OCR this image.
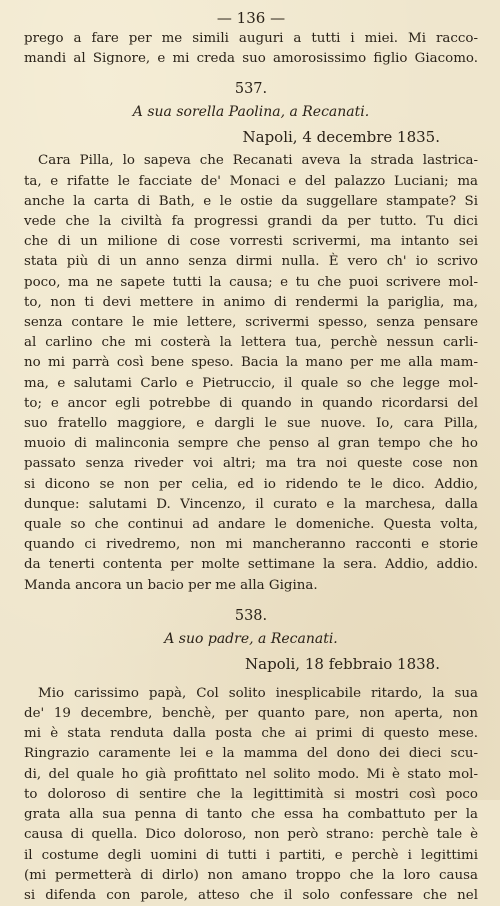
— 136 —
prego a fare per me simili auguri a tutti i miei. Mi racco-
mandi al Signore, e mi creda suo amorosissimo figlio Giacomo.
537.
A sua sorella Paolina, a Recanati.
Napoli, 4 decembre 1835.
Cara Pilla, lo sapeva che Recanati aveva la strada lastrica-
ta, e rifatte le facciate de' Monaci e del palazzo Luciani; ma
anche la carta di Bath, e le ostie da suggellare stampate? Si
vede che la civiltà fa progressi grandi da per tutto. Tu dici
che di un milione di cose vorresti scrivermi, ma intanto sei
stata più di un anno senza dirmi nulla. È vero ch' io scrivo
poco, ma ne sapete tutti la causa; e tu che puoi scrivere mol-
to, non ti devi mettere in animo di rendermi la pariglia, ma,
senza contare le mie lettere, scrivermi spesso, senza pensare
al carlino che mi costerà la lettera tua, perchè nessun carli-
no mi parrà così bene speso. Bacia la mano per me alla mam-
ma, e salutami Carlo e Pietruccio, il quale so che legge mol-
to; e ancor egli potrebbe di quando in quando ricordarsi del
suo fratello maggiore, e dargli le sue nuove. Io, cara Pilla,
muoio di malinconia sempre che penso al gran tempo che ho
passato senza riveder voi altri; ma tra noi queste cose non
si dicono se non per celia, ed io ridendo te le dico. Addio,
dunque: salutami D. Vincenzo, il curato e la marchesa, dalla
quale so che continui ad andare le domeniche. Questa volta,
quando ci rivedremo, non mi mancheranno racconti e storie
da tenerti contenta per molte settimane la sera. Addio, addio.
Manda ancora un bacio per me alla Gigina.
538.
A suo padre, a Recanati.
Napoli, 18 febbraio 1838.
Mio carissimo papà, Col solito inesplicabile ritardo, la sua
de' 19 decembre, benchè, per quanto pare, non aperta, non
mi è stata renduta dalla posta che ai primi di questo mese.
Ringrazio caramente lei e la mamma del dono dei dieci scu-
di, del quale ho già profittato nel solito modo. Mi è stato mol-
to doloroso di sentire che la legittimità si mostri così poco
grata alla sua penna di tanto che essa ha combattuto per la
causa di quella. Dico doloroso, non però strano: perchè tale è
il costume degli uomini di tutti i partiti, e perchè i legittimi
(mi permetterà di dirlo) non amano troppo che la loro causa
si difenda con parole, atteso che il solo confessare che nel
